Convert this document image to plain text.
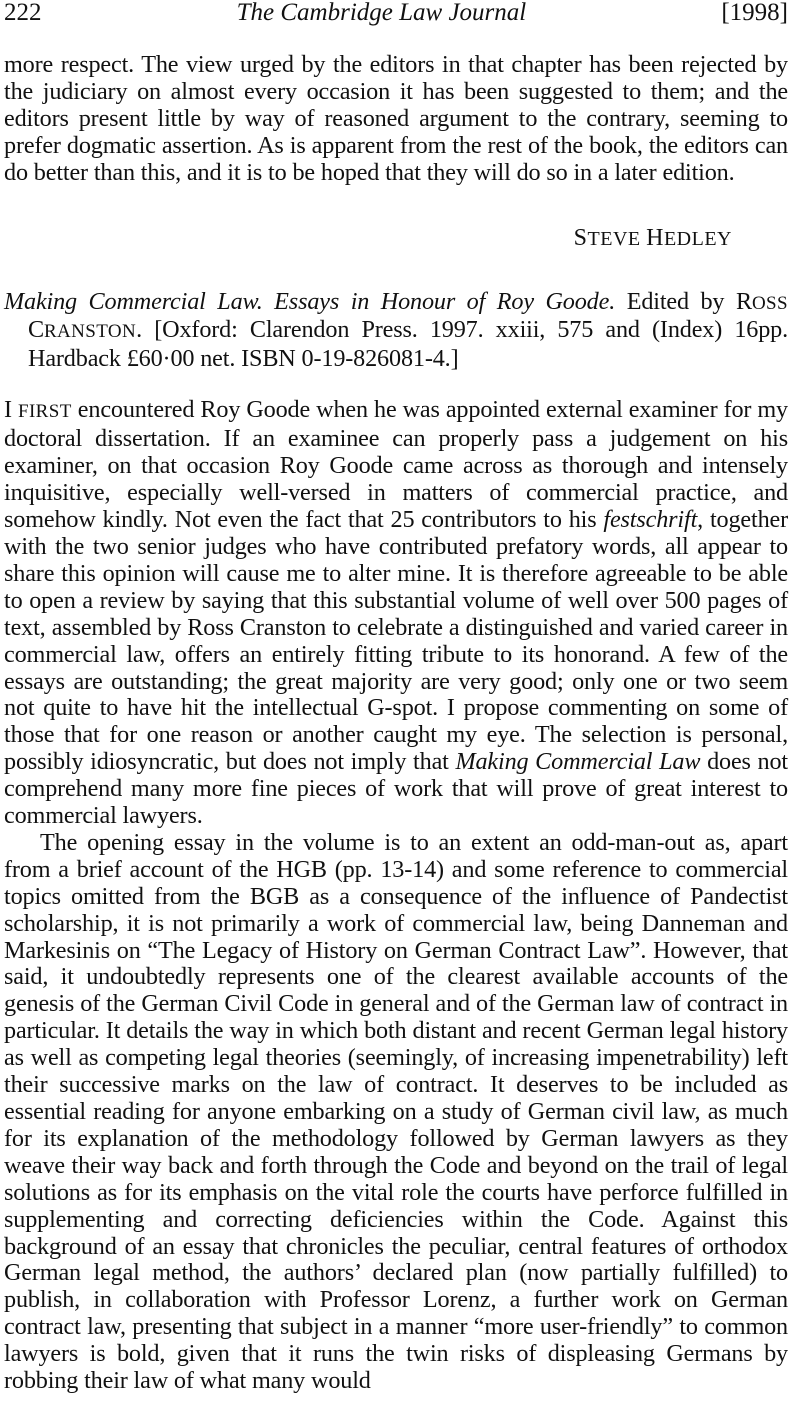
222	The Cambridge Law Journal	[1998]

more respect. The view urged by the editors in that chapter has been rejected by the judiciary on almost every occasion it has been suggested to them; and the editors present little by way of reasoned argument to the contrary, seeming to prefer dogmatic assertion. As is apparent from the rest of the book, the editors can do better than this, and it is to be hoped that they will do so in a later edition.

STEVE HEDLEY

Making Commercial Law. Essays in Honour of Roy Goode. Edited by ROSS CRANSTON. [Oxford: Clarendon Press. 1997. xxiii, 575 and (Index) 16pp. Hardback £60·00 net. ISBN 0-19-826081-4.]

I FIRST encountered Roy Goode when he was appointed external examiner for my doctoral dissertation. If an examinee can properly pass a judgement on his examiner, on that occasion Roy Goode came across as thorough and intensely inquisitive, especially well-versed in matters of commercial practice, and somehow kindly. Not even the fact that 25 contributors to his festschrift, together with the two senior judges who have contributed prefatory words, all appear to share this opinion will cause me to alter mine. It is therefore agreeable to be able to open a review by saying that this substantial volume of well over 500 pages of text, assembled by Ross Cranston to celebrate a distinguished and varied career in commercial law, offers an entirely fitting tribute to its honorand. A few of the essays are outstanding; the great majority are very good; only one or two seem not quite to have hit the intellectual G-spot. I propose commenting on some of those that for one reason or another caught my eye. The selection is personal, possibly idiosyncratic, but does not imply that Making Commercial Law does not comprehend many more fine pieces of work that will prove of great interest to commercial lawyers.

The opening essay in the volume is to an extent an odd-man-out as, apart from a brief account of the HGB (pp. 13-14) and some reference to commercial topics omitted from the BGB as a consequence of the influence of Pandectist scholarship, it is not primarily a work of commercial law, being Danneman and Markesinis on “The Legacy of History on German Contract Law”. However, that said, it undoubtedly represents one of the clearest available accounts of the genesis of the German Civil Code in general and of the German law of contract in particular. It details the way in which both distant and recent German legal history as well as competing legal theories (seemingly, of increasing impenetrability) left their successive marks on the law of contract. It deserves to be included as essential reading for anyone embarking on a study of German civil law, as much for its explanation of the methodology followed by German lawyers as they weave their way back and forth through the Code and beyond on the trail of legal solutions as for its emphasis on the vital role the courts have perforce fulfilled in supplementing and correcting deficiencies within the Code. Against this background of an essay that chronicles the peculiar, central features of orthodox German legal method, the authors’ declared plan (now partially fulfilled) to publish, in collaboration with Professor Lorenz, a further work on German contract law, presenting that subject in a manner “more user-friendly” to common lawyers is bold, given that it runs the twin risks of displeasing Germans by robbing their law of what many would
